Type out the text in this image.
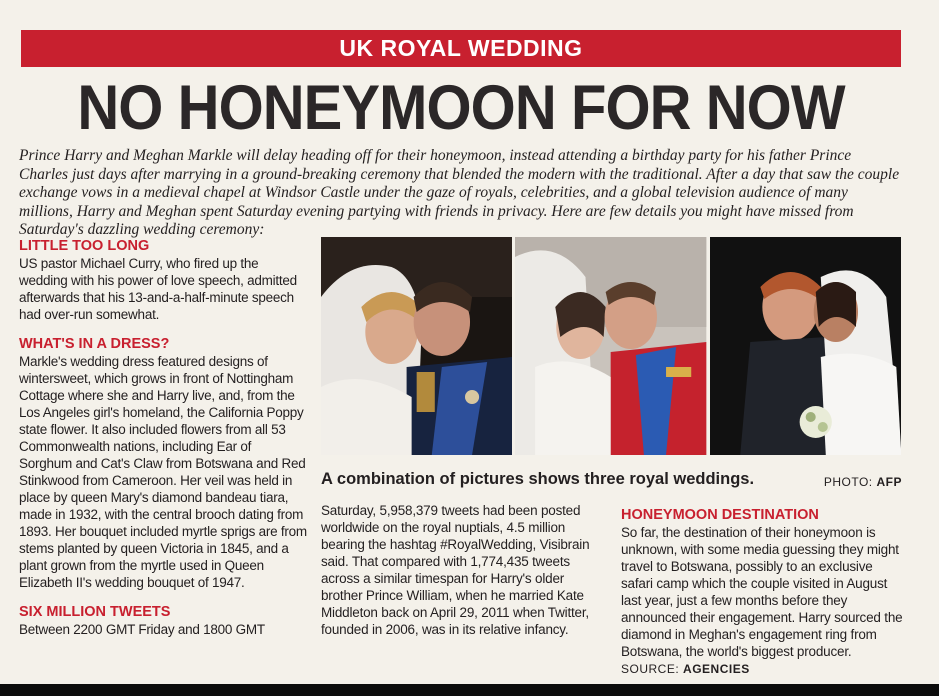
UK ROYAL WEDDING
NO HONEYMOON FOR NOW

Prince Harry and Meghan Markle will delay heading off for their honeymoon, instead attending a birthday party for his father Prince Charles just days after marrying in a ground-breaking ceremony that blended the modern with the traditional. After a day that saw the couple exchange vows in a medieval chapel at Windsor Castle under the gaze of royals, celebrities, and a global television audience of many millions, Harry and Meghan spent Saturday evening partying with friends in privacy. Here are few details you might have missed from Saturday's dazzling wedding ceremony:

LITTLE TOO LONG

US pastor Michael Curry, who fired up the wedding with his power of love speech, admitted afterwards that his 13-and-a-half-minute speech had over-run somewhat.

WHAT'S IN A DRESS?

Markle's wedding dress featured designs of wintersweet, which grows in front of Nottingham Cottage where she and Harry live, and, from the Los Angeles girl's homeland, the California Poppy state flower. It also included flowers from all 53 Commonwealth nations, including Ear of Sorghum and Cat's Claw from Botswana and Red Stinkwood from Cameroon. Her veil was held in place by queen Mary's diamond bandeau tiara, made in 1932, with the central brooch dating from 1893. Her bouquet included myrtle sprigs are from stems planted by queen Victoria in 1845, and a plant grown from the myrtle used in Queen Elizabeth II's wedding bouquet of 1947.

SIX MILLION TWEETS

Between 2200 GMT Friday and 1800 GMT

A combination of pictures shows three royal weddings.	PHOTO: AFP

Saturday, 5,958,379 tweets had been posted worldwide on the royal nuptials, 4.5 million bearing the hashtag #RoyalWedding, Visibrain said. That compared with 1,774,435 tweets across a similar timespan for Harry's older brother Prince William, when he married Kate Middleton back on April 29, 2011 when Twitter, founded in 2006, was in its relative infancy.

HONEYMOON DESTINATION

So far, the destination of their honeymoon is unknown, with some media guessing they might travel to Botswana, possibly to an exclusive safari camp which the couple visited in August last year, just a few months before they announced their engagement. Harry sourced the diamond in Meghan's engagement ring from Botswana, the world's biggest producer. SOURCE: AGENCIES
